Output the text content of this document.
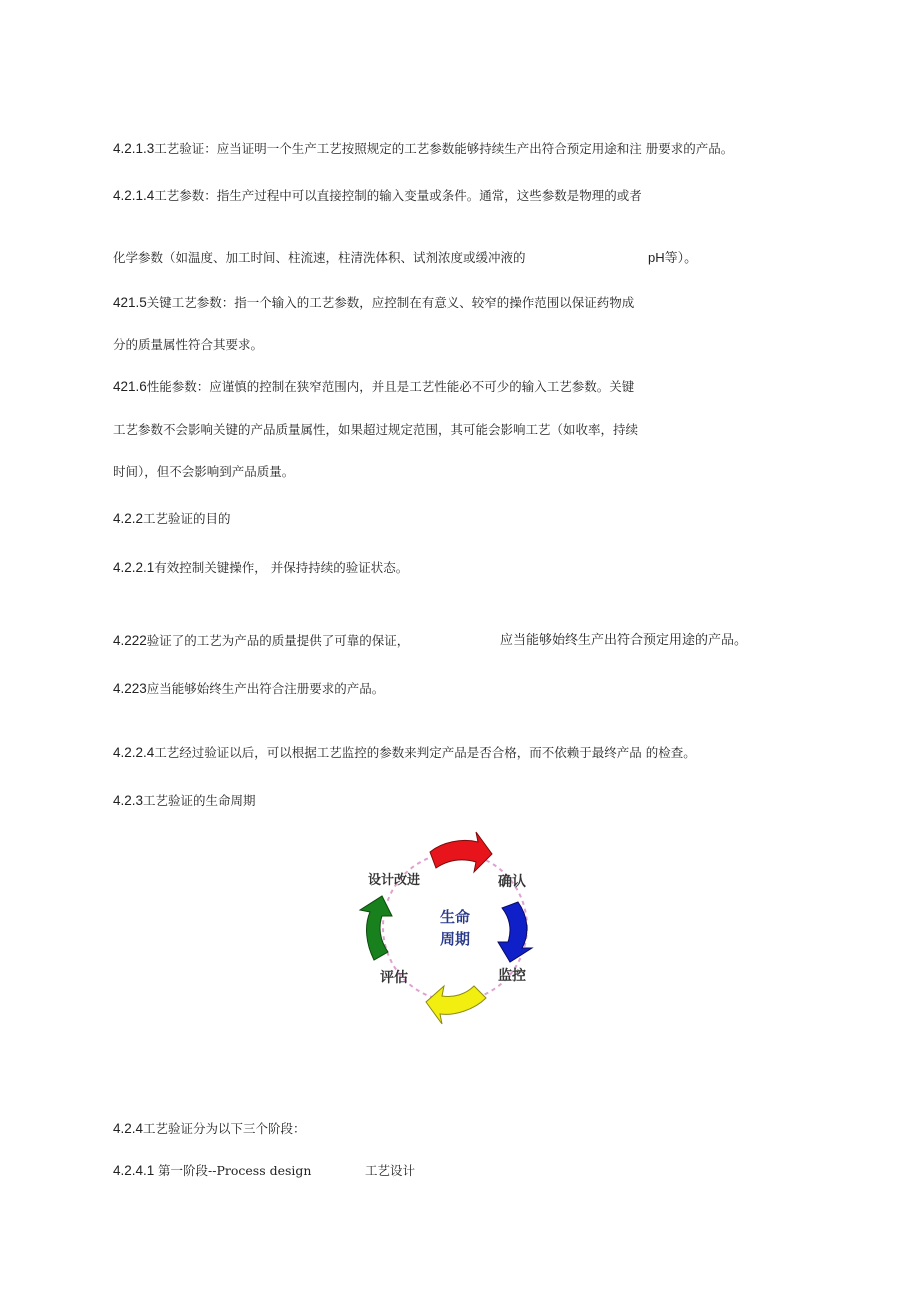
4.2.1.3工艺验证：应当证明一个生产工艺按照规定的工艺参数能够持续生产出符合预定用途和注 册要求的产品。
4.2.1.4工艺参数：指生产过程中可以直接控制的输入变量或条件。通常，这些参数是物理的或者
化学参数（如温度、加工时间、柱流速，柱清洗体积、试剂浓度或缓冲液的	pH等）。
421.5关键工艺参数：指一个输入的工艺参数，应控制在有意义、较窄的操作范围以保证药物成
分的质量属性符合其要求。
421.6性能参数：应谨慎的控制在狭窄范围内，并且是工艺性能必不可少的输入工艺参数。关键
工艺参数不会影响关键的产品质量属性，如果超过规定范围，其可能会影响工艺（如收率，持续
时间），但不会影响到产品质量。
4.2.2工艺验证的目的
4.2.2.1有效控制关键操作， 并保持持续的验证状态。
4.222验证了的工艺为产品的质量提供了可靠的保证，	应当能够始终生产出符合预定用途的产品。
4.223应当能够始终生产出符合注册要求的产品。
4.2.2.4工艺经过验证以后，可以根据工艺监控的参数来判定产品是否合格，而不依赖于最终产品 的检查。
4.2.3工艺验证的生命周期
设计改进	确认
监控
评估
生命
周期
4.2.4工艺验证分为以下三个阶段：
4.2.4.1 第一阶段--Process design	工艺设计
